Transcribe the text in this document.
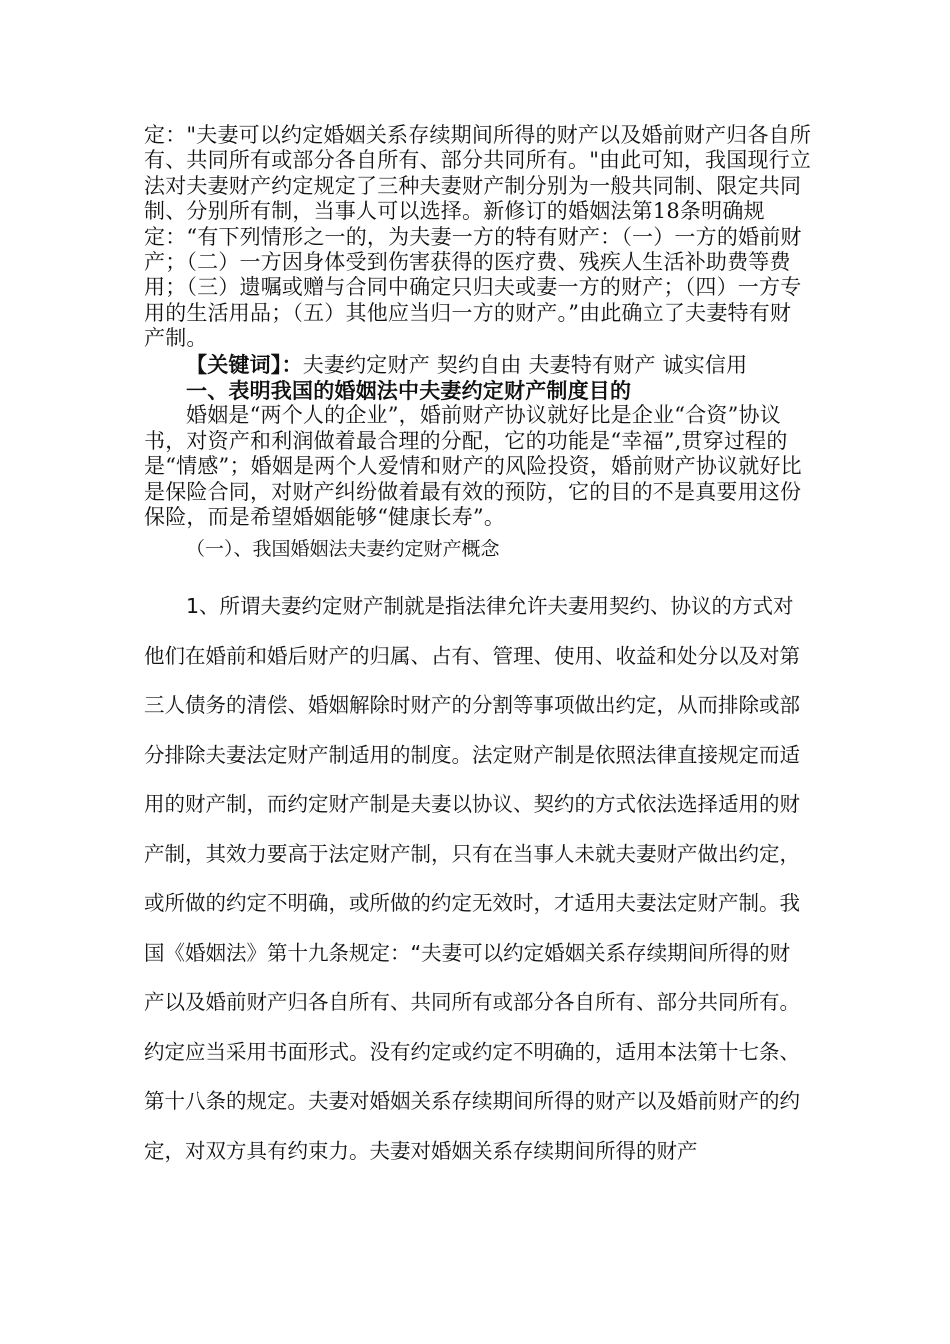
定："夫妻可以约定婚姻关系存续期间所得的财产以及婚前财产归各自所有、共同所有或部分各自所有、部分共同所有。"由此可知，我国现行立法对夫妻财产约定规定了三种夫妻财产制分别为一般共同制、限定共同制、分别所有制，当事人可以选择。新修订的婚姻法第18条明确规定：“有下列情形之一的，为夫妻一方的特有财产：（一）一方的婚前财产；（二）一方因身体受到伤害获得的医疗费、残疾人生活补助费等费用；（三）遗嘱或赠与合同中确定只归夫或妻一方的财产；（四）一方专用的生活用品；（五）其他应当归一方的财产。”由此确立了夫妻特有财产制。

【关键词】：夫妻约定财产 契约自由 夫妻特有财产 诚实信用

一、表明我国的婚姻法中夫妻约定财产制度目的

婚姻是“两个人的企业”，婚前财产协议就好比是企业“合资”协议书，对资产和利润做着最合理的分配，它的功能是“幸福”,贯穿过程的是“情感”；婚姻是两个人爱情和财产的风险投资，婚前财产协议就好比是保险合同，对财产纠纷做着最有效的预防，它的目的不是真要用这份保险，而是希望婚姻能够“健康长寿”。

（一）、我国婚姻法夫妻约定财产概念

1、所谓夫妻约定财产制就是指法律允许夫妻用契约、协议的方式对他们在婚前和婚后财产的归属、占有、管理、使用、收益和处分以及对第三人债务的清偿、婚姻解除时财产的分割等事项做出约定，从而排除或部分排除夫妻法定财产制适用的制度。法定财产制是依照法律直接规定而适用的财产制，而约定财产制是夫妻以协议、契约的方式依法选择适用的财产制，其效力要高于法定财产制，只有在当事人未就夫妻财产做出约定，或所做的约定不明确，或所做的约定无效时，才适用夫妻法定财产制。我国《婚姻法》第十九条规定：“夫妻可以约定婚姻关系存续期间所得的财产以及婚前财产归各自所有、共同所有或部分各自所有、部分共同所有。约定应当采用书面形式。没有约定或约定不明确的，适用本法第十七条、第十八条的规定。夫妻对婚姻关系存续期间所得的财产以及婚前财产的约定，对双方具有约束力。夫妻对婚姻关系存续期间所得的财产
